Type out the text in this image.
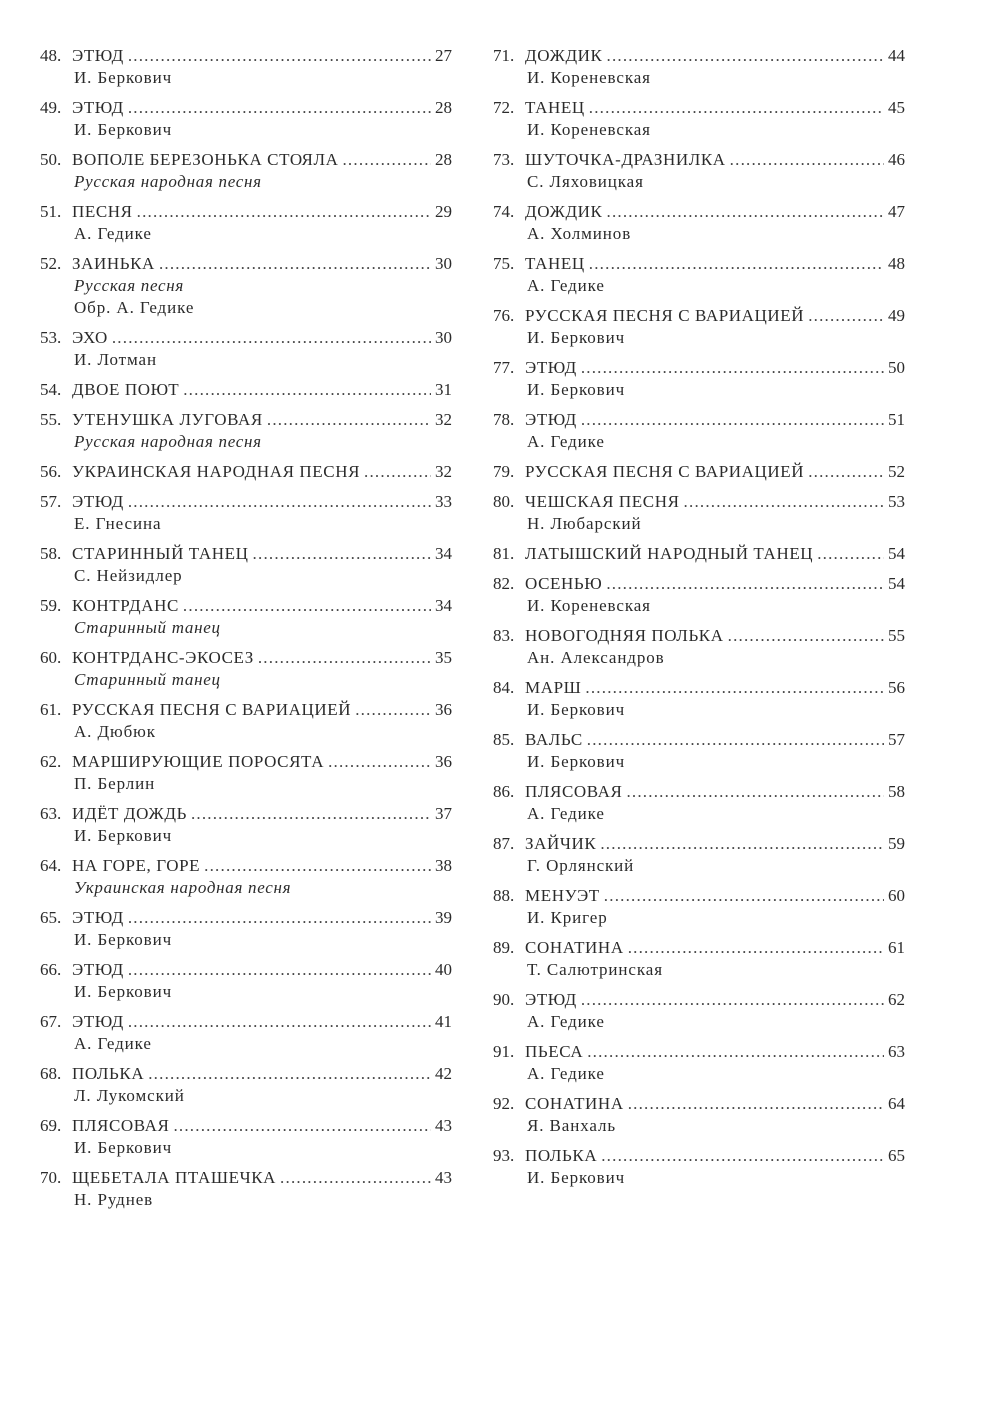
48. ЭТЮД .....	27
И. Беркович
49. ЭТЮД .....	28
И. Беркович
50. ВОПОЛЕ БЕРЕЗОНЬКА СТОЯЛА .....	28
Русская народная песня
51. ПЕСНЯ .....	29
А. Гедике
52. ЗАИНЬКА .....	30
Русская песня
Обр. А. Гедике
53. ЭХО .....	30
И. Лотман
54. ДВОЕ ПОЮТ .....	31
55. УТЕНУШКА ЛУГОВАЯ .....	32
Русская народная песня
56. УКРАИНСКАЯ НАРОДНАЯ ПЕСНЯ .....	32
57. ЭТЮД .....	33
Е. Гнесина
58. СТАРИННЫЙ ТАНЕЦ .....	34
С. Нейзидлер
59. КОНТРДАНС .....	34
Старинный танец
60. КОНТРДАНС-ЭКОСЕЗ .....	35
Старинный танец
61. РУССКАЯ ПЕСНЯ С ВАРИАЦИЕЙ .....	36
А. Дюбюк
62. МАРШИРУЮЩИЕ ПОРОСЯТА .....	36
П. Берлин
63. ИДЁТ ДОЖДЬ .....	37
И. Беркович
64. НА ГОРЕ, ГОРЕ .....	38
Украинская народная песня
65. ЭТЮД .....	39
И. Беркович
66. ЭТЮД .....	40
И. Беркович
67. ЭТЮД .....	41
А. Гедике
68. ПОЛЬКА .....	42
Л. Лукомский
69. ПЛЯСОВАЯ .....	43
И. Беркович
70. ЩЕБЕТАЛА ПТАШЕЧКА .....	43
Н. Руднев
71. ДОЖДИК .....	44
И. Кореневская
72. ТАНЕЦ .....	45
И. Кореневская
73. ШУТОЧКА-ДРАЗНИЛКА .....	46
С. Ляховицкая
74. ДОЖДИК .....	47
А. Холминов
75. ТАНЕЦ .....	48
А. Гедике
76. РУССКАЯ ПЕСНЯ С ВАРИАЦИЕЙ .....	49
И. Беркович
77. ЭТЮД .....	50
И. Беркович
78. ЭТЮД .....	51
А. Гедике
79. РУССКАЯ ПЕСНЯ С ВАРИАЦИЕЙ .....	52
80. ЧЕШСКАЯ ПЕСНЯ .....	53
Н. Любарский
81. ЛАТЫШСКИЙ НАРОДНЫЙ ТАНЕЦ .....	54
82. ОСЕНЬЮ .....	54
И. Кореневская
83. НОВОГОДНЯЯ ПОЛЬКА .....	55
Ан. Александров
84. МАРШ .....	56
И. Беркович
85. ВАЛЬС .....	57
И. Беркович
86. ПЛЯСОВАЯ .....	58
А. Гедике
87. ЗАЙЧИК .....	59
Г. Орлянский
88. МЕНУЭТ .....	60
И. Кригер
89. СОНАТИНА .....	61
Т. Салютринская
90. ЭТЮД .....	62
А. Гедике
91. ПЬЕСА .....	63
А. Гедике
92. СОНАТИНА .....	64
Я. Ванхаль
93. ПОЛЬКА .....	65
И. Беркович
